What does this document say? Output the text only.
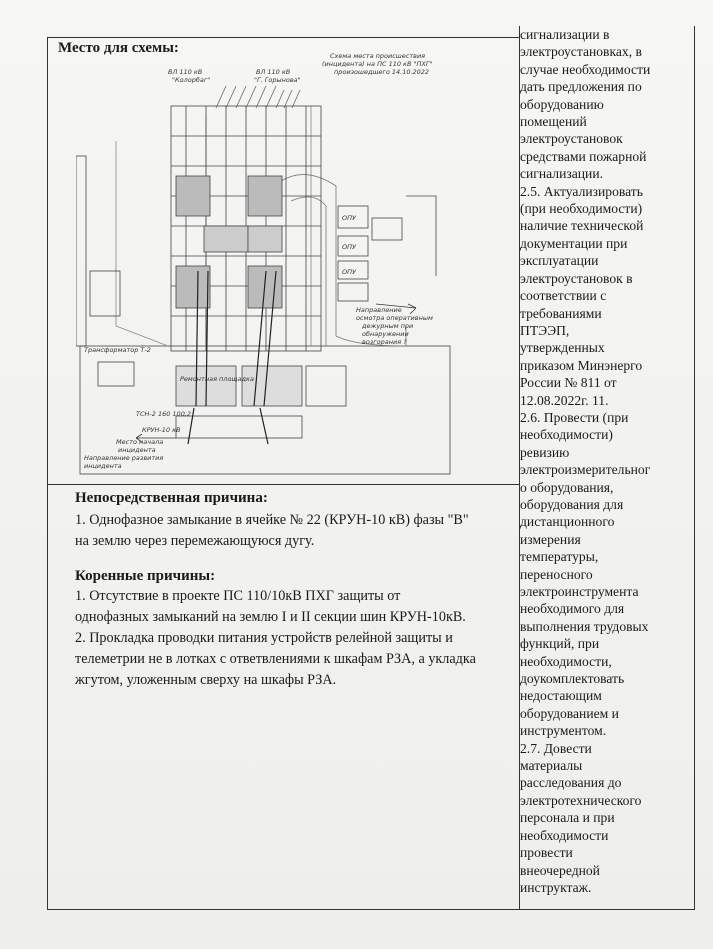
Место для схемы:	Схема места происшествия
(инцидента) на ПС 110 кВ "ПХГ"
произошедшего 14.10.2022
ВЛ 110 кВ
"Колорбаг"
ВЛ 110 кВ
"Г. Горынова"
Трансформатор Т-2
ТСН-2 160 100,2
КРУН-10 кВ
Место начала
инцидента
Направление развития
инцидента
Направление
осмотра оперативным
дежурным при
обнаружении
возгорания ?
ОПУ
ОПУ
ОПУ
Ремонтная площадка
Непосредственная причина:
1. Однофазное замыкание в ячейке № 22 (КРУН-10 кВ) фазы "В"
на землю через перемежающуюся дугу.
Коренные причины:
1. Отсутствие в проекте ПС 110/10кВ ПХГ защиты от
однофазных замыканий на землю I и II секции шин КРУН-10кВ.
2. Прокладка проводки питания устройств релейной защиты и
телеметрии не в лотках с ответвлениями к шкафам РЗА, а укладка
жгутом, уложенным сверху на шкафы РЗА.
сигнализации в
электроустановках, в
случае необходимости
дать предложения по
оборудованию
помещений
электроустановок
средствами пожарной
сигнализации.
2.5. Актуализировать
(при необходимости)
наличие технической
документации при
эксплуатации
электроустановок в
соответствии с
требованиями
ПТЭЭП,
утвержденных
приказом Минэнерго
России № 811 от
12.08.2022г. 11.
2.6. Провести (при
необходимости)
ревизию
электроизмерительног
о оборудования,
оборудования для
дистанционного
измерения
температуры,
переносного
электроинструмента
необходимого для
выполнения трудовых
функций, при
необходимости,
доукомплектовать
недостающим
оборудованием и
инструментом.
2.7. Довести
материалы
расследования до
электротехнического
персонала и при
необходимости
провести
внеочередной
инструктаж.
